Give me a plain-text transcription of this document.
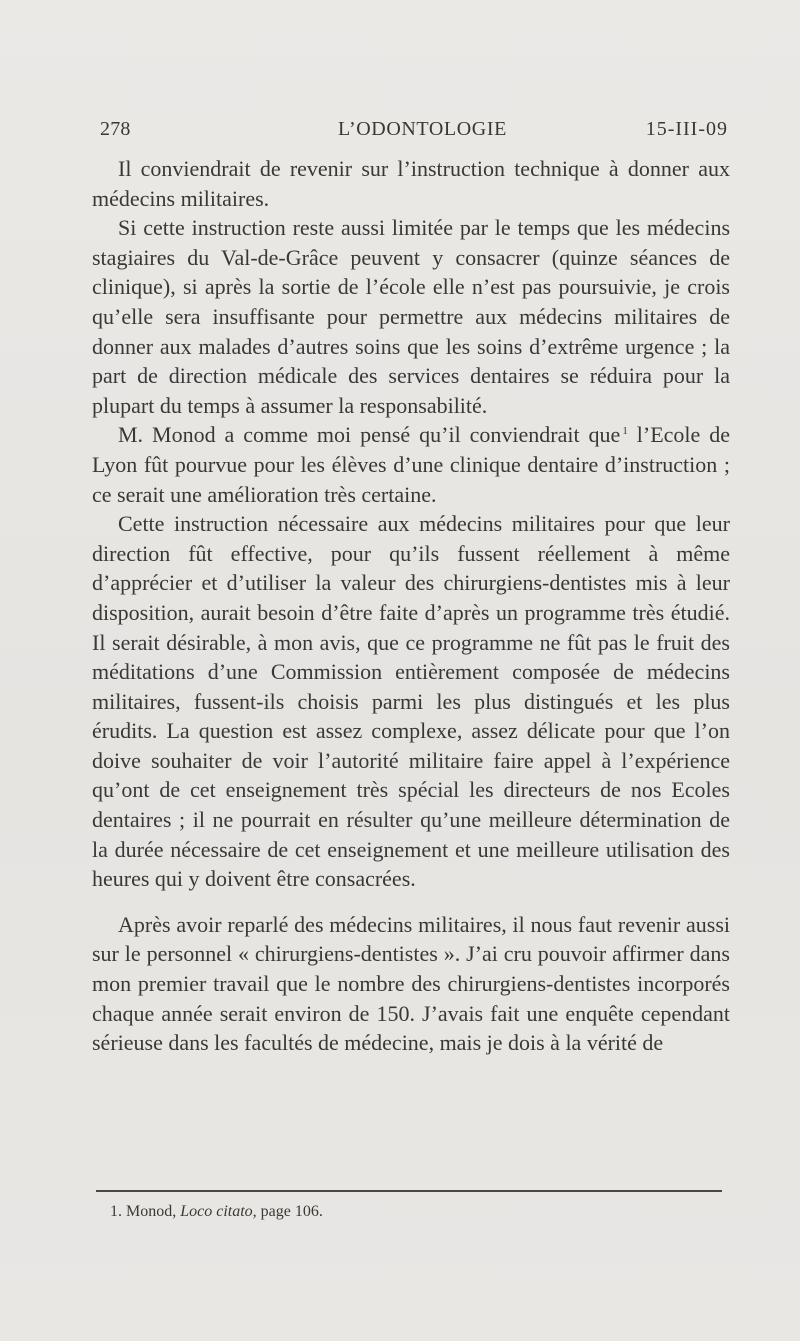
278	L’ODONTOLOGIE	15-III-09

Il conviendrait de revenir sur l’instruction technique à donner aux médecins militaires.

Si cette instruction reste aussi limitée par le temps que les médecins stagiaires du Val-de-Grâce peuvent y consacrer (quinze séances de clinique), si après la sortie de l’école elle n’est pas poursuivie, je crois qu’elle sera insuffisante pour permettre aux médecins militaires de donner aux malades d’autres soins que les soins d’extrême urgence ; la part de direction médicale des services dentaires se réduira pour la plupart du temps à assumer la responsabilité.

M. Monod a comme moi pensé qu’il conviendrait que $^1$ l’Ecole de Lyon fût pourvue pour les élèves d’une clinique dentaire d’instruction ; ce serait une amélioration très certaine.

Cette instruction nécessaire aux médecins militaires pour que leur direction fût effective, pour qu’ils fussent réellement à même d’apprécier et d’utiliser la valeur des chirurgiens-dentistes mis à leur disposition, aurait besoin d’être faite d’après un programme très étudié. Il serait désirable, à mon avis, que ce programme ne fût pas le fruit des méditations d’une Commission entièrement composée de médecins militaires, fussent-ils choisis parmi les plus distingués et les plus érudits. La question est assez complexe, assez délicate pour que l’on doive souhaiter de voir l’autorité militaire faire appel à l’expérience qu’ont de cet enseignement très spécial les directeurs de nos Ecoles dentaires ; il ne pourrait en résulter qu’une meilleure détermination de la durée nécessaire de cet enseignement et une meilleure utilisation des heures qui y doivent être consacrées.

Après avoir reparlé des médecins militaires, il nous faut revenir aussi sur le personnel « chirurgiens-dentistes ». J’ai cru pouvoir affirmer dans mon premier travail que le nombre des chirurgiens-dentistes incorporés chaque année serait environ de 150. J’avais fait une enquête cependant sérieuse dans les facultés de médecine, mais je dois à la vérité de

1. Monod, Loco citato, page 106.
